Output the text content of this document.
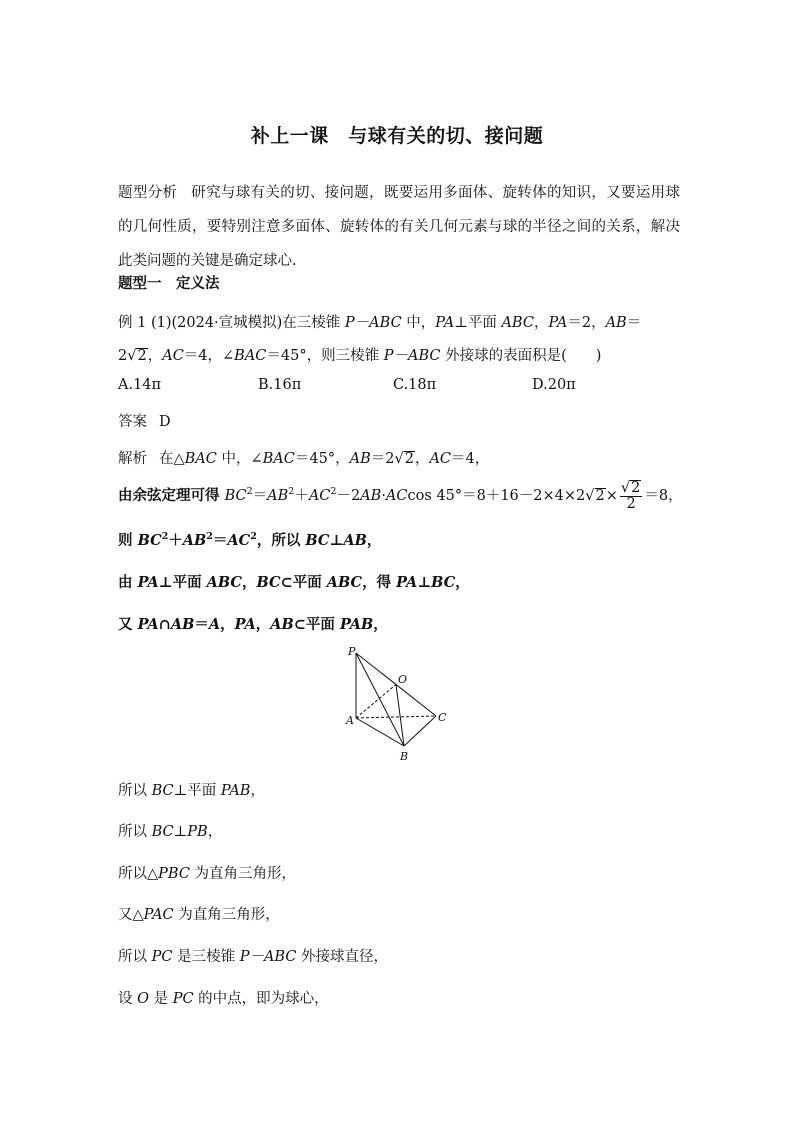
补上一课　与球有关的切、接问题
题型分析 研究与球有关的切、接问题，既要运用多面体、旋转体的知识，又要运用球的几何性质，要特别注意多面体、旋转体的有关几何元素与球的半径之间的关系，解决此类问题的关键是确定球心.
题型一　定义法
例 1 (1)(2024·宣城模拟)在三棱锥 P－ABC 中，PA⊥平面 ABC，PA＝2，AB＝
2√2，AC＝4，∠BAC＝45°，则三棱锥 P－ABC 外接球的表面积是(　　)
A.14π	B.16π	C.18π	D.20π
答案 D
解析 在△BAC 中，∠BAC＝45°，AB＝2√2，AC＝4，
由余弦定理可得 $BC^2=AB^2+AC^2-2AB\cdot ACcos$ $45^\circ=8+16-2\times 4\times 2√2\times \frac{√2}{2} =8$，
则 $BC^2+AB^2=AC^2$，所以 BC⊥AB，
由 PA⊥平面 ABC，BC⊂平面 ABC，得 PA⊥BC，
又 PA∩AB＝A，PA，AB⊂平面 PAB，
P
O
A	C
B
所以 BC⊥平面 PAB，
所以 BC⊥PB，
所以△PBC 为直角三角形，
又△PAC 为直角三角形，
所以 PC 是三棱锥 P－ABC 外接球直径，
设 O 是 PC 的中点，即为球心，
